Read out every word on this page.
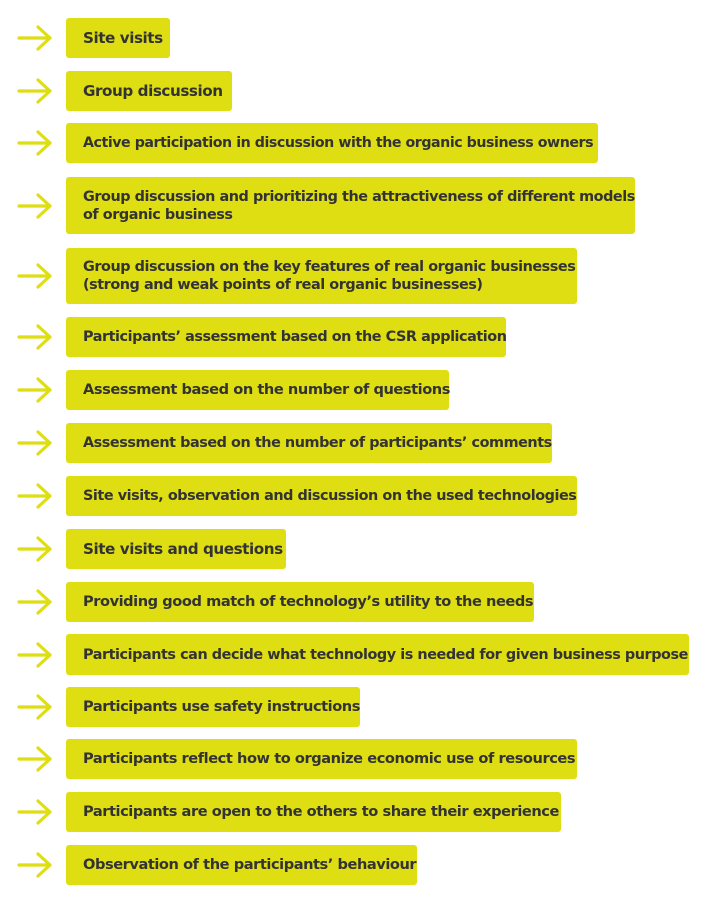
Site visits
Group discussion
Active participation in discussion with the organic business owners
Group discussion and prioritizing the attractiveness of different models
of organic business
Group discussion on the key features of real organic businesses
(strong and weak points of real organic businesses)
Participants’ assessment based on the CSR application
Assessment based on the number of questions
Assessment based on the number of participants’ comments
Site visits, observation and discussion on the used technologies
Site visits and questions
Providing good match of technology’s utility to the needs
Participants can decide what technology is needed for given business purpose
Participants use safety instructions
Participants reflect how to organize economic use of resources
Participants are open to the others to share their experience
Observation of the participants’ behaviour
